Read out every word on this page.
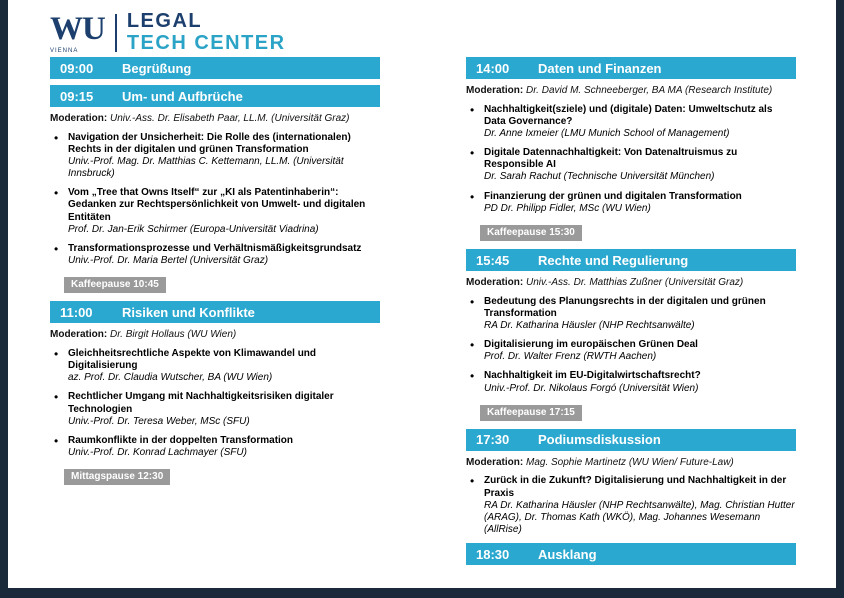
WU
VIENNA
LEGAL
TECH CENTER
09:00	Begrüßung
09:15	Um- und Aufbrüche
Moderation: Univ.-Ass. Dr. Elisabeth Paar, LL.M. (Universität Graz)
• Navigation der Unsicherheit: Die Rolle des (internationalen) Rechts in der digitalen und grünen Transformation
Univ.-Prof. Mag. Dr. Matthias C. Kettemann, LL.M. (Universität Innsbruck)
• Vom „Tree that Owns Itself“ zur „KI als Patentinhaberin“: Gedanken zur Rechtspersönlichkeit von Umwelt- und digitalen Entitäten
Prof. Dr. Jan-Erik Schirmer (Europa-Universität Viadrina)
• Transformationsprozesse und Verhältnismäßigkeitsgrundsatz
Univ.-Prof. Dr. Maria Bertel (Universität Graz)
Kaffeepause 10:45
11:00	Risiken und Konflikte
Moderation: Dr. Birgit Hollaus (WU Wien)
• Gleichheitsrechtliche Aspekte von Klimawandel und Digitalisierung
az. Prof. Dr. Claudia Wutscher, BA (WU Wien)
• Rechtlicher Umgang mit Nachhaltigkeitsrisiken digitaler Technologien
Univ.-Prof. Dr. Teresa Weber, MSc (SFU)
• Raumkonflikte in der doppelten Transformation
Univ.-Prof. Dr. Konrad Lachmayer (SFU)
Mittagspause 12:30
14:00	Daten und Finanzen
Moderation: Dr. David M. Schneeberger, BA MA (Research Institute)
• Nachhaltigkeit(sziele) und (digitale) Daten: Umweltschutz als Data Governance?
Dr. Anne Ixmeier (LMU Munich School of Management)
• Digitale Datennachhaltigkeit: Von Datenaltruismus zu Responsible AI
Dr. Sarah Rachut (Technische Universität München)
• Finanzierung der grünen und digitalen Transformation
PD Dr. Philipp Fidler, MSc (WU Wien)
Kaffeepause 15:30
15:45	Rechte und Regulierung
Moderation: Univ.-Ass. Dr. Matthias Zußner (Universität Graz)
• Bedeutung des Planungsrechts in der digitalen und grünen Transformation
RA Dr. Katharina Häusler (NHP Rechtsanwälte)
• Digitalisierung im europäischen Grünen Deal
Prof. Dr. Walter Frenz (RWTH Aachen)
• Nachhaltigkeit im EU-Digitalwirtschaftsrecht?
Univ.-Prof. Dr. Nikolaus Forgó (Universität Wien)
Kaffeepause 17:15
17:30	Podiumsdiskussion
Moderation: Mag. Sophie Martinetz (WU Wien/ Future-Law)
• Zurück in die Zukunft? Digitalisierung und Nachhaltigkeit in der Praxis
RA Dr. Katharina Häusler (NHP Rechtsanwälte), Mag. Christian Hutter (ARAG), Dr. Thomas Kath (WKÖ), Mag. Johannes Wesemann (AllRise)
18:30	Ausklang
